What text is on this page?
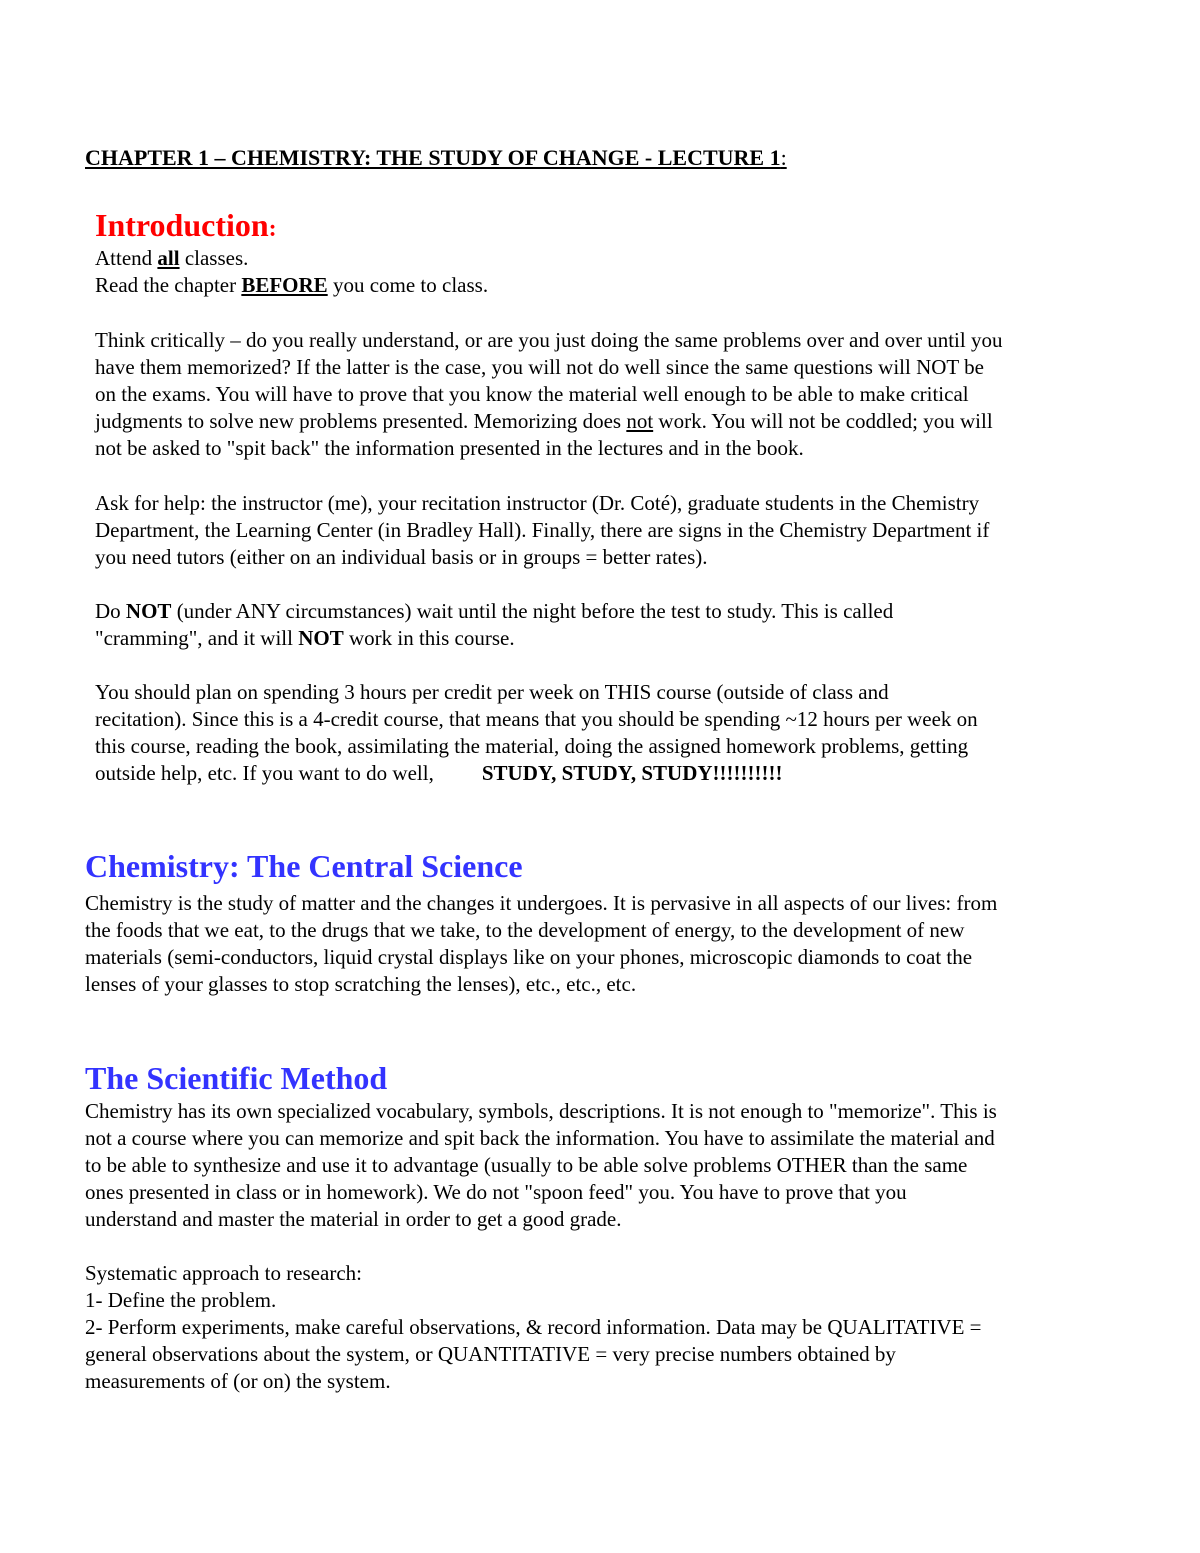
CHAPTER 1 – CHEMISTRY: THE STUDY OF CHANGE - LECTURE 1:
Introduction:
Attend all classes.
Read the chapter BEFORE you come to class.
Think critically – do you really understand, or are you just doing the same problems over and over until you
have them memorized? If the latter is the case, you will not do well since the same questions will NOT be
on the exams. You will have to prove that you know the material well enough to be able to make critical
judgments to solve new problems presented. Memorizing does not work. You will not be coddled; you will
not be asked to "spit back" the information presented in the lectures and in the book.
Ask for help: the instructor (me), your recitation instructor (Dr. Coté), graduate students in the Chemistry
Department, the Learning Center (in Bradley Hall). Finally, there are signs in the Chemistry Department if
you need tutors (either on an individual basis or in groups = better rates).
Do NOT (under ANY circumstances) wait until the night before the test to study. This is called
"cramming", and it will NOT work in this course.
You should plan on spending 3 hours per credit per week on THIS course (outside of class and
recitation). Since this is a 4-credit course, that means that you should be spending ~12 hours per week on
this course, reading the book, assimilating the material, doing the assigned homework problems, getting
outside help, etc. If you want to do well, STUDY, STUDY, STUDY!!!!!!!!!!
Chemistry: The Central Science
Chemistry is the study of matter and the changes it undergoes. It is pervasive in all aspects of our lives: from
the foods that we eat, to the drugs that we take, to the development of energy, to the development of new
materials (semi-conductors, liquid crystal displays like on your phones, microscopic diamonds to coat the
lenses of your glasses to stop scratching the lenses), etc., etc., etc.
The Scientific Method
Chemistry has its own specialized vocabulary, symbols, descriptions. It is not enough to "memorize". This is
not a course where you can memorize and spit back the information. You have to assimilate the material and
to be able to synthesize and use it to advantage (usually to be able solve problems OTHER than the same
ones presented in class or in homework). We do not "spoon feed" you. You have to prove that you
understand and master the material in order to get a good grade.
Systematic approach to research:
1- Define the problem.
2- Perform experiments, make careful observations, & record information. Data may be QUALITATIVE =
general observations about the system, or QUANTITATIVE = very precise numbers obtained by
measurements of (or on) the system.
